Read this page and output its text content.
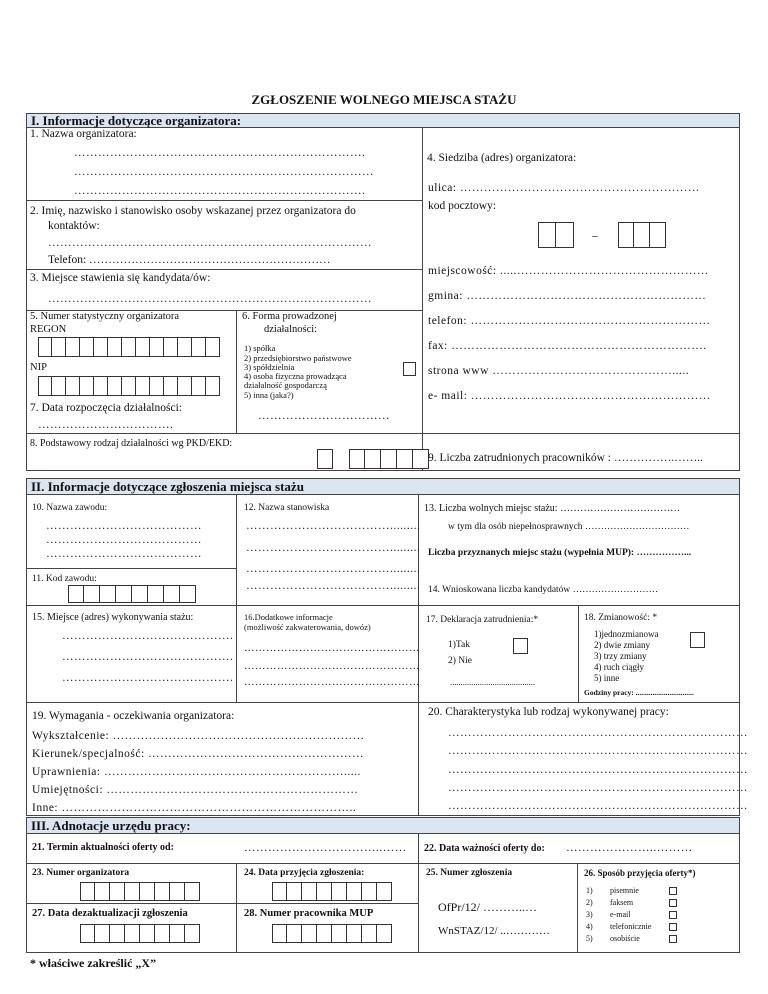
ZGŁOSZENIE WOLNEGO MIEJSCA STAŻU
I. Informacje dotyczące organizatora:
1. Nazwa organizatora:
……………………………………………………………….
…………………………………………………………………
……………………………………………………………….
2. Imię, nazwisko i stanowisko osoby wskazanej przez organizatora do
kontaktów:
………………………………………………………………………
Telefon: ………………………………………………………
3. Miejsce stawienia się kandydata/ów:
………………………………………………………………………
5. Numer statystyczny organizatora
REGON
NIP
7. Data rozpoczęcia działalności:
…………………………….
6. Forma prowadzonej
działalności:
1) spółka
2) przedsiębiorstwo państwowe
3) spółdzielnia
4) osoba fizyczna prowadząca
działalność gospodarczą
5) inna (jaka?)
……………………………
8. Podstawowy rodzaj działalności wg PKD/EKD:
4. Siedziba (adres) organizatora:
ulica: ……………………………………………………
kod pocztowy:
–
miejscowość: .....…………………………………………
gmina: ……………………………………………………
telefon: ……………………………………………………
fax: ……………………………………………………….
strona www ……………………………………….....
e- mail: ……………………………………………………
9. Liczba zatrudnionych pracowników : …………….……..
II. Informacje dotyczące zgłoszenia miejsca stażu
10. Nazwa zawodu:
…………………………………
…………………………………
…………………………………
11. Kod zawodu:
12. Nazwa stanowiska
……………………………….........
……………………………….........
……………………………….........
……………………………….........
13. Liczba wolnych miejsc stażu: ………………………………
w tym dla osób niepełnosprawnych ……………………………
Liczba przyznanych miejsc stażu (wypełnia MUP): ……………...
14. Wnioskowana liczba kandydatów ………………………
15. Miejsce (adres) wykonywania stażu:
…………………………………….
…………………………………….
…………………………………….
16.Dodatkowe informacje
(możliwość zakwaterowania, dowóz)
…………………………………………
…………………………………………
…………………………………………
17. Deklaracja zatrudnienia:*
1)Tak
2) Nie
........................................
18. Zmianowość: *
1)jednozmianowa
2) dwie zmiany
3) trzy zmiany
4) ruch ciągły
5) inne
Godziny pracy: ...............................
19. Wymagania - oczekiwania organizatora:
Wykształcenie: ………………………………………………………
Kierunek/specjalność: ………………………………………………
Uprawnienia: …………………………………………………….....
Umiejętności: ………………………………………………………
Inne: ………………………………………………………………..
20. Charakterystyka lub rodzaj wykonywanej pracy:
…………………………………………………………………
…………………………………………………………………
…………………………………………………………………
…………………………………………………………………
…………………………………………………………………
III. Adnotacje urzędu pracy:
21. Termin aktualności oferty od:	……………………………..…… 22. Data ważności oferty do: …………………..………
23. Numer organizatora	24. Data przyjęcia zgłoszenia:
27. Data dezaktualizacji zgłoszenia	28. Numer pracownika MUP
25. Numer zgłoszenia
OfPr/12/ ………..…
WnSTAZ/12/ ..…………
26. Sposób przyjęcia oferty*)
1) pisemnie
2) faksem
3) e-mail
4) telefonicznie
5) osobiście
* właściwe zakreślić „X”
